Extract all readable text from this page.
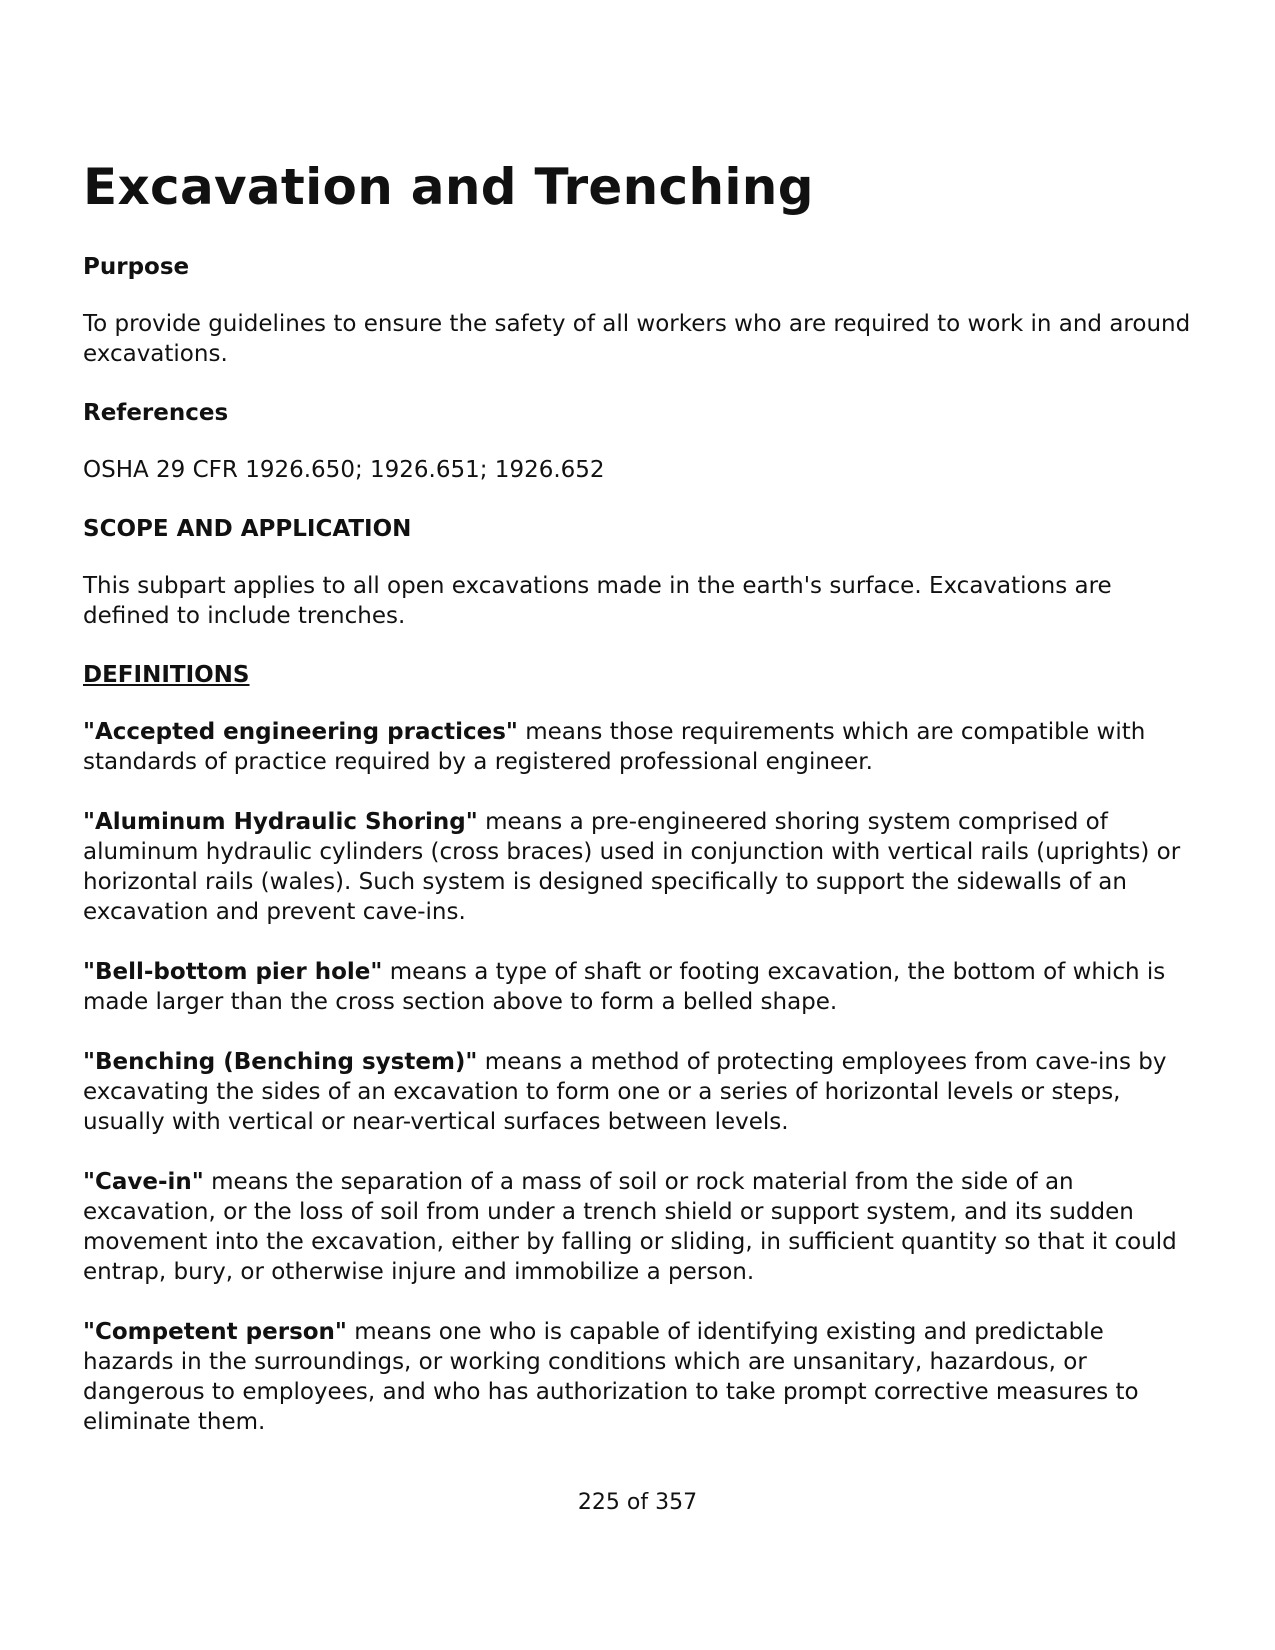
Excavation and Trenching
Purpose

To provide guidelines to ensure the safety of all workers who are required to work in and around excavations.

References

OSHA 29 CFR 1926.650; 1926.651; 1926.652

SCOPE AND APPLICATION

This subpart applies to all open excavations made in the earth's surface. Excavations are defined to include trenches.

DEFINITIONS

"Accepted engineering practices" means those requirements which are compatible with standards of practice required by a registered professional engineer.

"Aluminum Hydraulic Shoring" means a pre-engineered shoring system comprised of aluminum hydraulic cylinders (cross braces) used in conjunction with vertical rails (uprights) or horizontal rails (wales). Such system is designed specifically to support the sidewalls of an excavation and prevent cave-ins.

"Bell-bottom pier hole" means a type of shaft or footing excavation, the bottom of which is made larger than the cross section above to form a belled shape.

"Benching (Benching system)" means a method of protecting employees from cave-ins by excavating the sides of an excavation to form one or a series of horizontal levels or steps, usually with vertical or near-vertical surfaces between levels.

"Cave-in" means the separation of a mass of soil or rock material from the side of an excavation, or the loss of soil from under a trench shield or support system, and its sudden movement into the excavation, either by falling or sliding, in sufficient quantity so that it could entrap, bury, or otherwise injure and immobilize a person.

"Competent person" means one who is capable of identifying existing and predictable hazards in the surroundings, or working conditions which are unsanitary, hazardous, or dangerous to employees, and who has authorization to take prompt corrective measures to eliminate them.

225 of 357
